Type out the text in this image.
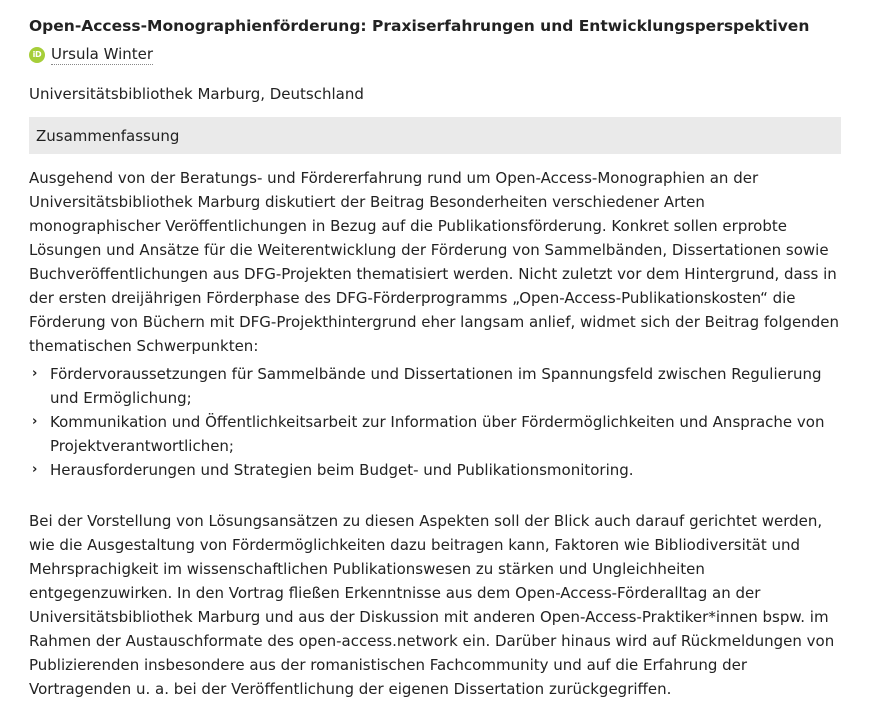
Open-Access-Monographienförderung: Praxiserfahrungen und Entwicklungsperspektiven
iD Ursula Winter
Universitätsbibliothek Marburg, Deutschland
Zusammenfassung

Ausgehend von der Beratungs- und Fördererfahrung rund um Open-Access-Monographien an der Universitätsbibliothek Marburg diskutiert der Beitrag Besonderheiten verschiedener Arten monographischer Veröffentlichungen in Bezug auf die Publikationsförderung. Konkret sollen erprobte Lösungen und Ansätze für die Weiterentwicklung der Förderung von Sammelbänden, Dissertationen sowie Buchveröffentlichungen aus DFG-Projekten thematisiert werden. Nicht zuletzt vor dem Hintergrund, dass in der ersten dreijährigen Förderphase des DFG-Förderprogramms „Open-Access-Publikationskosten“ die Förderung von Büchern mit DFG-Projekthintergrund eher langsam anlief, widmet sich der Beitrag folgenden thematischen Schwerpunkten:

› Fördervoraussetzungen für Sammelbände und Dissertationen im Spannungsfeld zwischen Regulierung und Ermöglichung;
› Kommunikation und Öffentlichkeitsarbeit zur Information über Fördermöglichkeiten und Ansprache von Projektverantwortlichen;
› Herausforderungen und Strategien beim Budget- und Publikationsmonitoring.

Bei der Vorstellung von Lösungsansätzen zu diesen Aspekten soll der Blick auch darauf gerichtet werden, wie die Ausgestaltung von Fördermöglichkeiten dazu beitragen kann, Faktoren wie Bibliodiversität und Mehrsprachigkeit im wissenschaftlichen Publikationswesen zu stärken und Ungleichheiten entgegenzuwirken. In den Vortrag fließen Erkenntnisse aus dem Open-Access-Förderalltag an der Universitätsbibliothek Marburg und aus der Diskussion mit anderen Open-Access-Praktiker*innen bspw. im Rahmen der Austauschformate des open-access.network ein. Darüber hinaus wird auf Rückmeldungen von Publizierenden insbesondere aus der romanistischen Fachcommunity und auf die Erfahrung der Vortragenden u. a. bei der Veröffentlichung der eigenen Dissertation zurückgegriffen.
